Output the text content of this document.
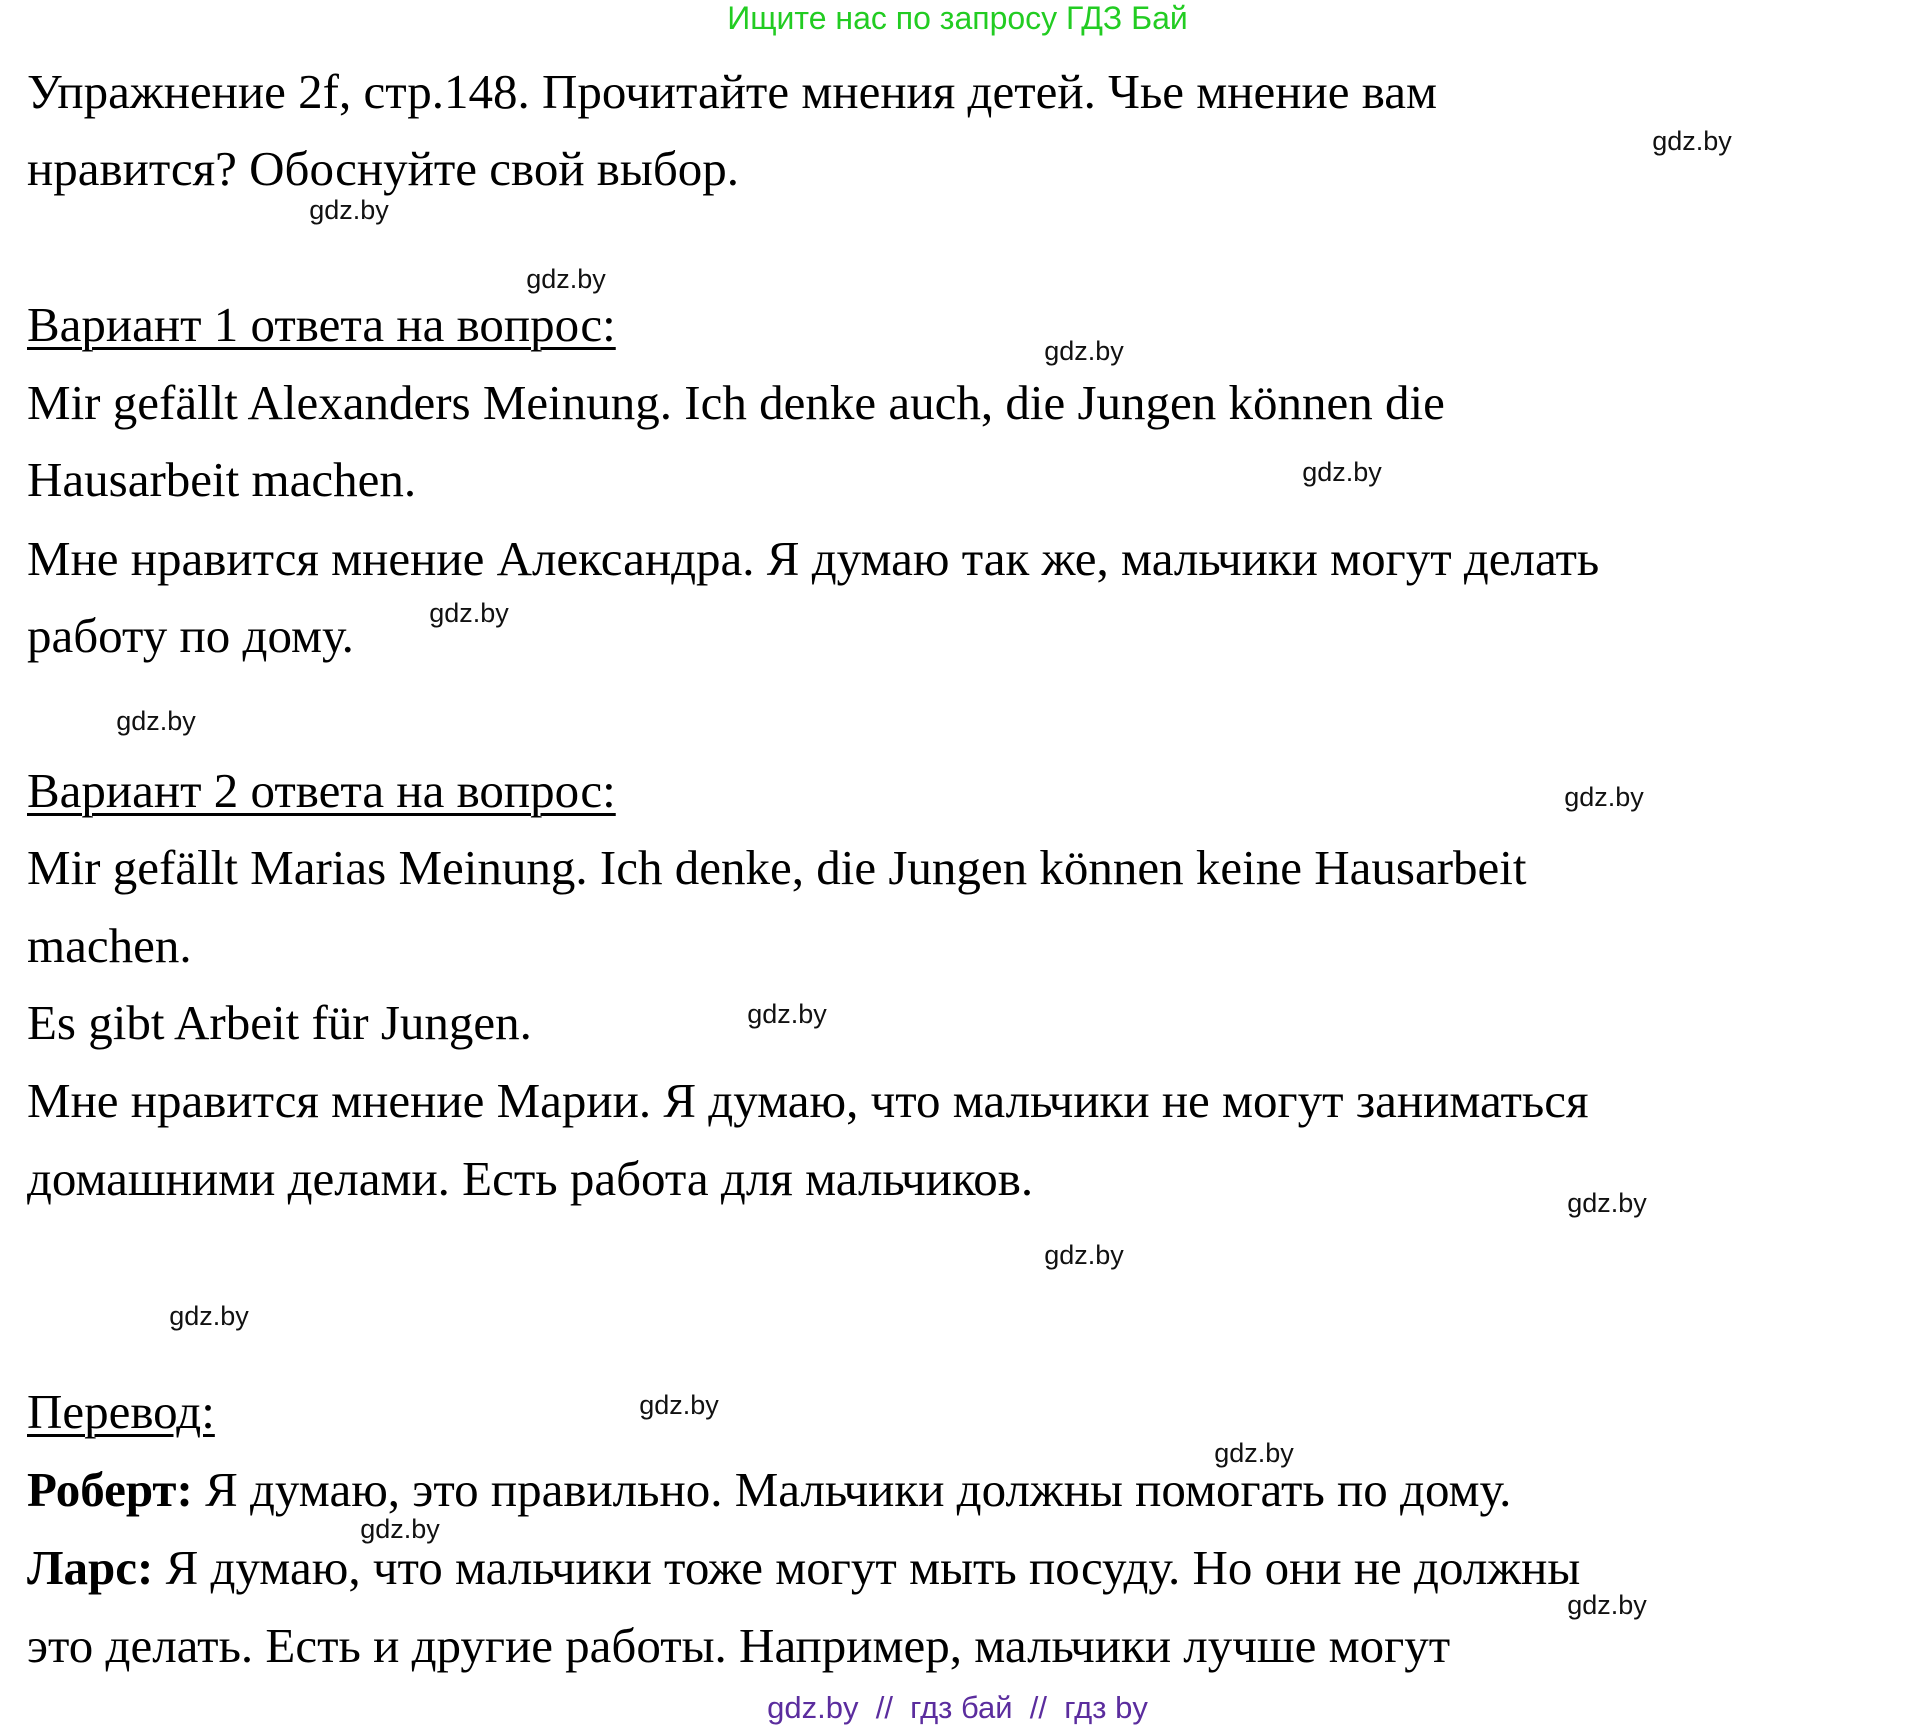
Ищите нас по запросу ГДЗ Бай
Упражнение 2f, стр.148. Прочитайте мнения детей. Чье мнение вам
нравится? Обоснуйте свой выбор.
Вариант 1 ответа на вопрос:
Mir gefällt Alexanders Meinung. Ich denke auch, die Jungen können die
Hausarbeit machen.
Мне нравится мнение Александра. Я думаю так же, мальчики могут делать
работу по дому.
Вариант 2 ответа на вопрос:
Mir gefällt Marias Meinung. Ich denke, die Jungen können keine Hausarbeit
machen.
Es gibt Arbeit für Jungen.
Мне нравится мнение Марии. Я думаю, что мальчики не могут заниматься
домашними делами. Есть работа для мальчиков.
Перевод:
Роберт: Я думаю, это правильно. Мальчики должны помогать по дому.
Ларс: Я думаю, что мальчики тоже могут мыть посуду. Но они не должны
это делать. Есть и другие работы. Например, мальчики лучше могут
gdz.by
gdz.by
gdz.by
gdz.by
gdz.by
gdz.by
gdz.by
gdz.by
gdz.by
gdz.by
gdz.by
gdz.by
gdz.by
gdz.by
gdz.by
gdz.by
gdz.by  //  гдз бай  //  гдз by
